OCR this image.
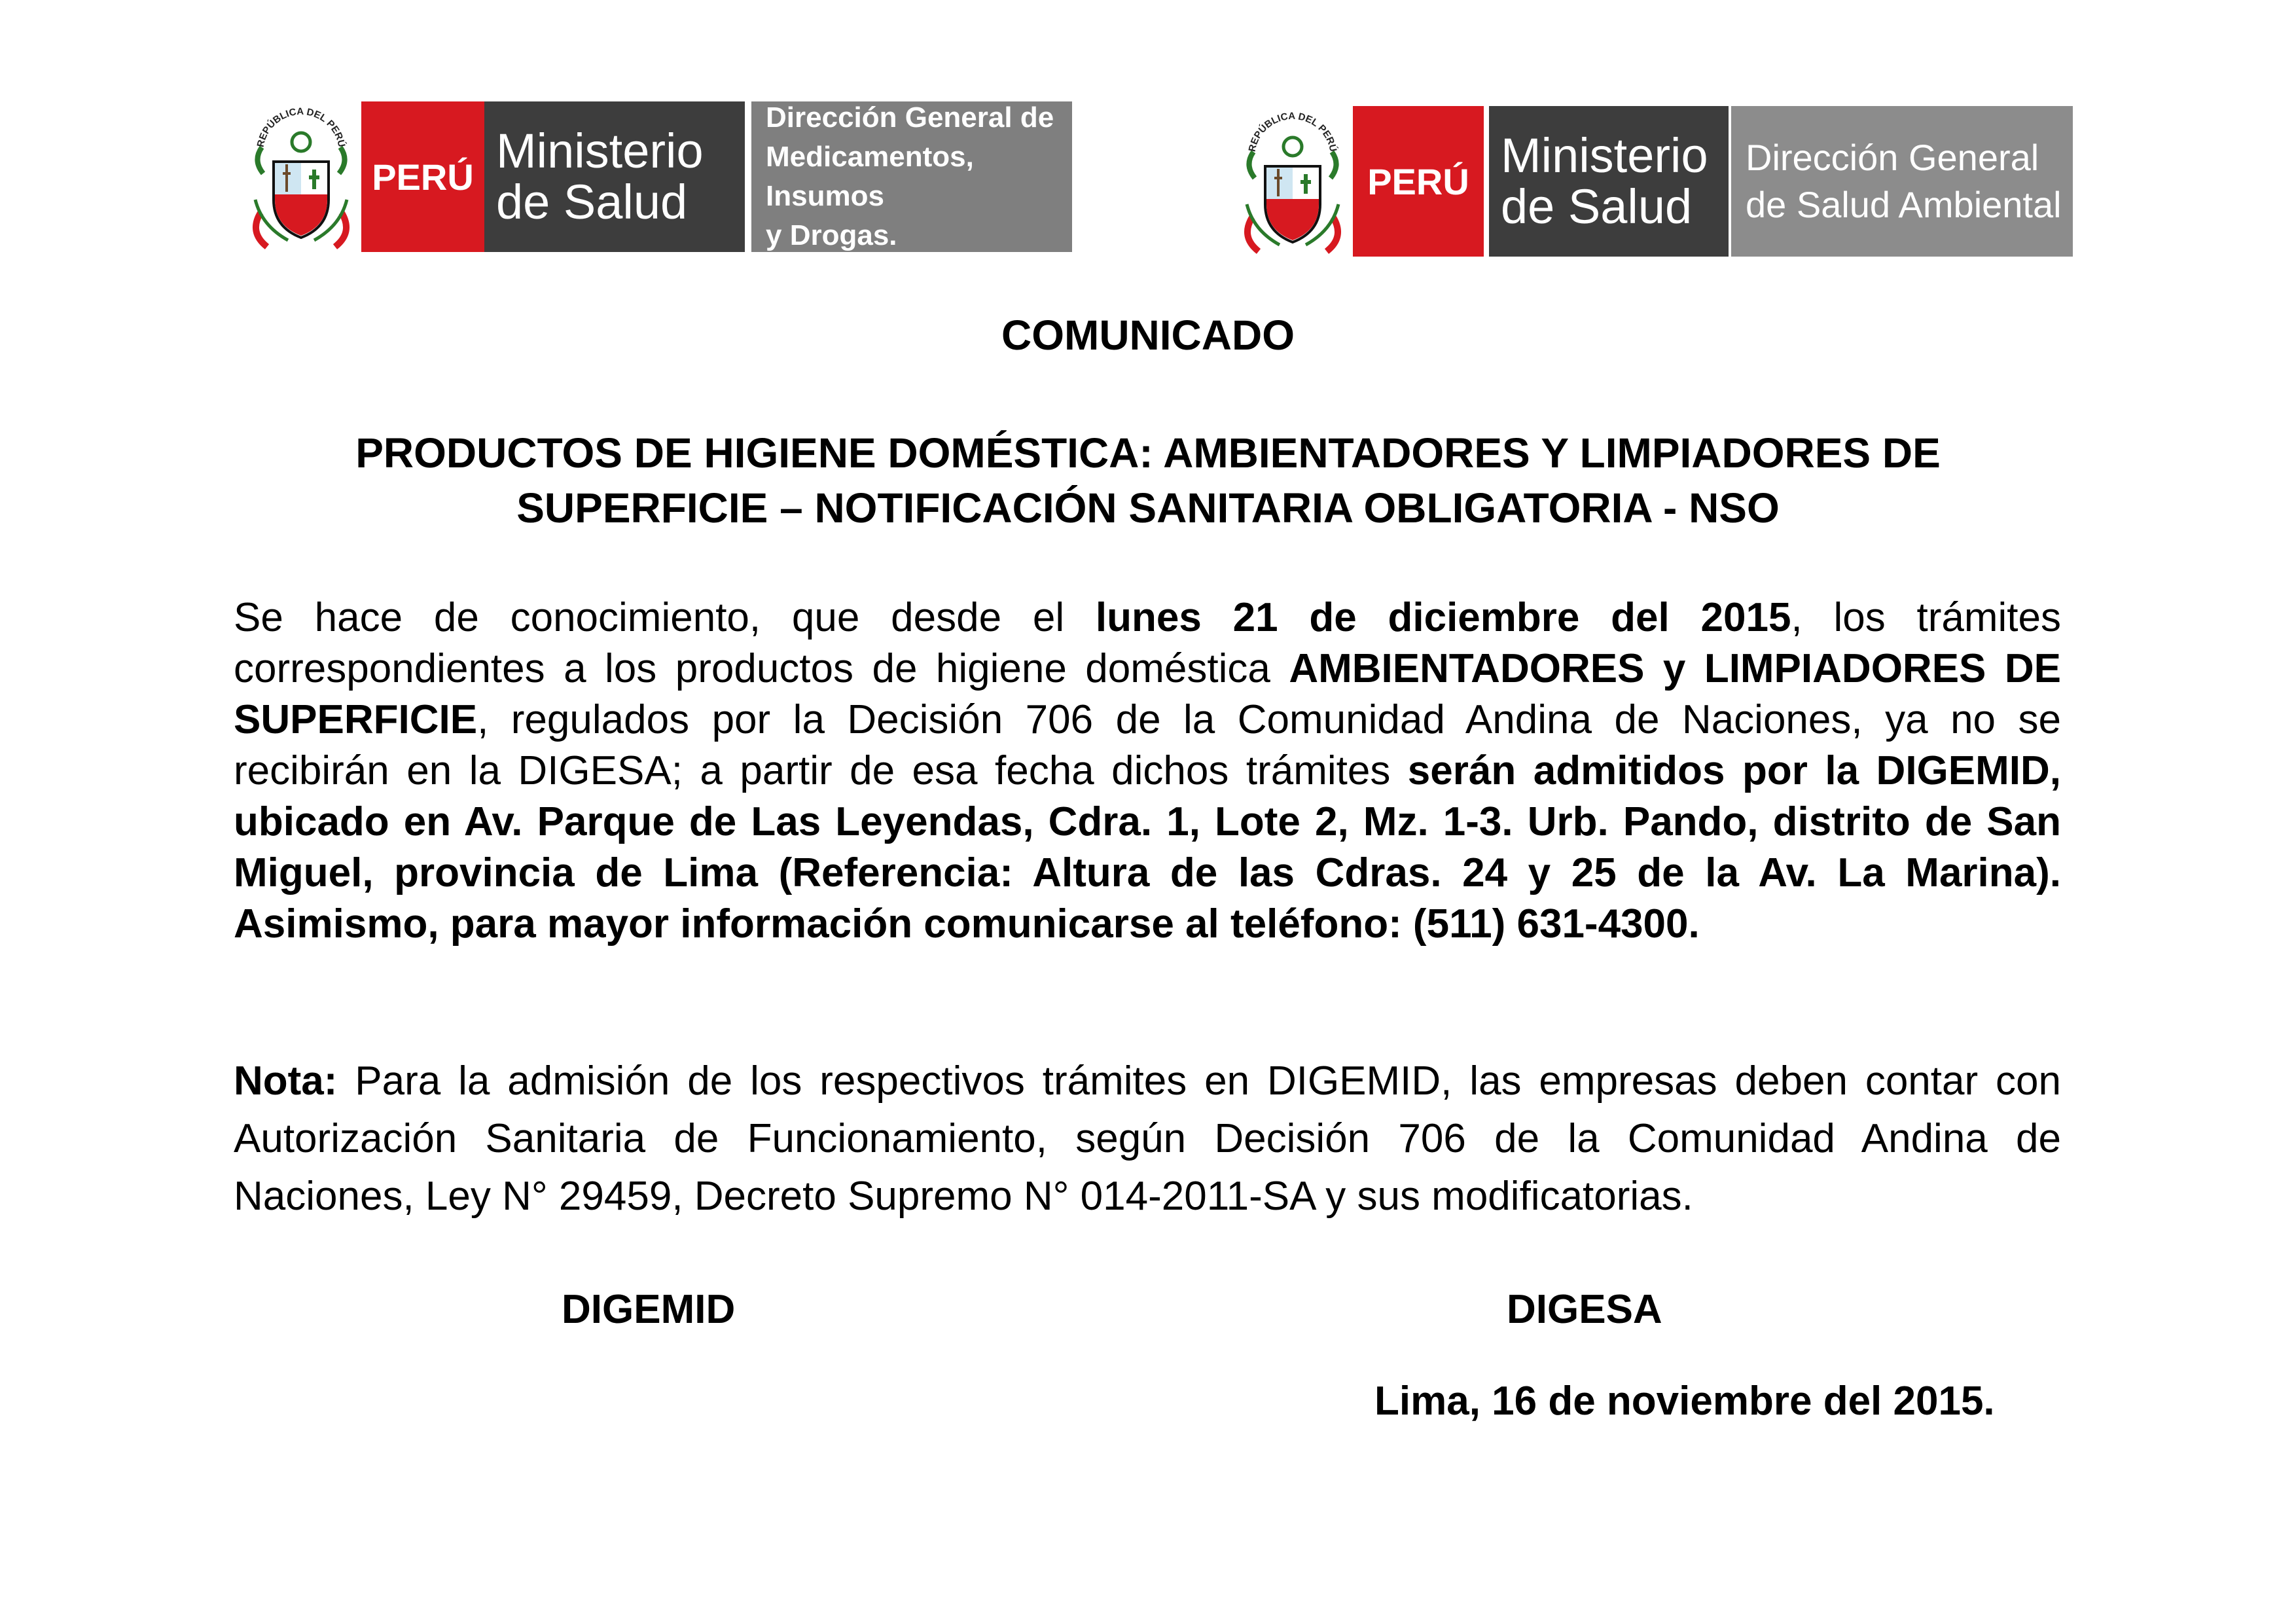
REPÚBLICA DEL PERÚ
PERÚ Ministerio
de Salud
Dirección General de
Medicamentos, Insumos
y Drogas.
REPÚBLICA DEL PERÚ
PERÚ Ministerio
de Salud
Dirección General
de Salud Ambiental
COMUNICADO
PRODUCTOS DE HIGIENE DOMÉSTICA: AMBIENTADORES Y LIMPIADORES DE
SUPERFICIE – NOTIFICACIÓN SANITARIA OBLIGATORIA - NSO

Se hace de conocimiento, que desde el lunes 21 de diciembre del 2015, los trámites correspondientes a los productos de higiene doméstica AMBIENTADORES y LIMPIADORES DE SUPERFICIE, regulados por la Decisión 706 de la Comunidad Andina de Naciones, ya no se recibirán en la DIGESA; a partir de esa fecha dichos trámites serán admitidos por la DIGEMID, ubicado en Av. Parque de Las Leyendas, Cdra. 1, Lote 2, Mz. 1-3. Urb. Pando, distrito de San Miguel, provincia de Lima (Referencia: Altura de las Cdras. 24 y 25 de la Av. La Marina). Asimismo, para mayor información comunicarse al teléfono: (511) 631-4300.

Nota: Para la admisión de los respectivos trámites en DIGEMID, las empresas deben contar con Autorización Sanitaria de Funcionamiento, según Decisión 706 de la Comunidad Andina de Naciones, Ley N° 29459, Decreto Supremo N° 014-2011-SA y sus modificatorias.

DIGEMID	DIGESA
Lima, 16 de noviembre del 2015.
